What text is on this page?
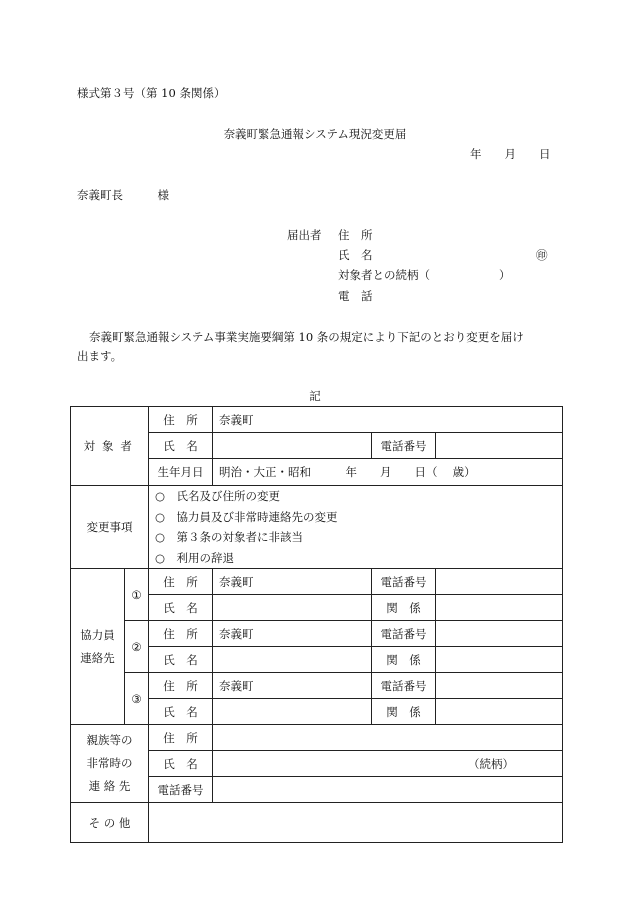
様式第３号（第 10 条関係）
奈義町緊急通報システム現況変更届
年　　月　　日
奈義町長　　　様
届出者 住　所
氏　名	㊞
対象者との続柄（　　　　　　）
電　話
奈義町緊急通報システム事業実施要綱第 10 条の規定により下記のとおり変更を届け
出ます。
記
対象者		住　所	奈義町		
		氏　名		電話番号	
		生年月日	明治・大正・昭和　　　年　　月　　日（　 歳）		
変更事項		○　氏名及び住所の変更
○　協力員及び非常時連絡先の変更
○　第３条の対象者に非該当
○　利用の辞退			

協力員
連絡先	①	住　所	奈義町	電話番号	
		氏　名		関　係	
	②	住　所	奈義町	電話番号	
		氏　名		関　係	
	③	住　所	奈義町	電話番号	
		氏　名		関　係	
親族等の
非常時の
連 絡 先		住　所			
		氏　名	（続柄）		
		電話番号			
そ の 他					
